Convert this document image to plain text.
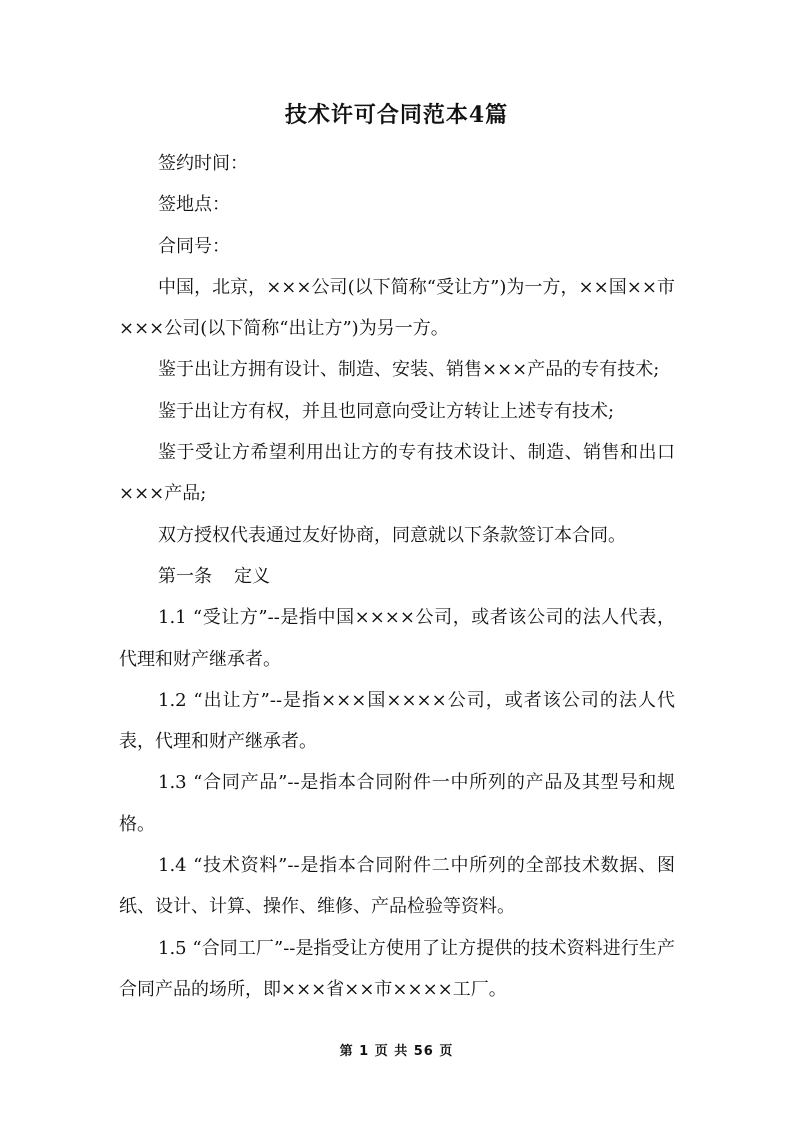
技术许可合同范本4篇

签约时间：

签地点：

合同号：

中国，北京，×××公司(以下简称“受让方”)为一方，××国××市×××公司(以下简称“出让方”)为另一方。

鉴于出让方拥有设计、制造、安装、销售×××产品的专有技术;

鉴于出让方有权，并且也同意向受让方转让上述专有技术;

鉴于受让方希望利用出让方的专有技术设计、制造、销售和出口×××产品;

双方授权代表通过友好协商，同意就以下条款签订本合同。

第一条 定义

1.1 “受让方”--是指中国××××公司，或者该公司的法人代表，代理和财产继承者。

1.2 “出让方”--是指×××国××××公司，或者该公司的法人代表，代理和财产继承者。

1.3 “合同产品”--是指本合同附件一中所列的产品及其型号和规格。

1.4 “技术资料”--是指本合同附件二中所列的全部技术数据、图纸、设计、计算、操作、维修、产品检验等资料。

1.5 “合同工厂”--是指受让方使用了让方提供的技术资料进行生产合同产品的场所，即×××省××市××××工厂。

第 1 页 共 56 页
